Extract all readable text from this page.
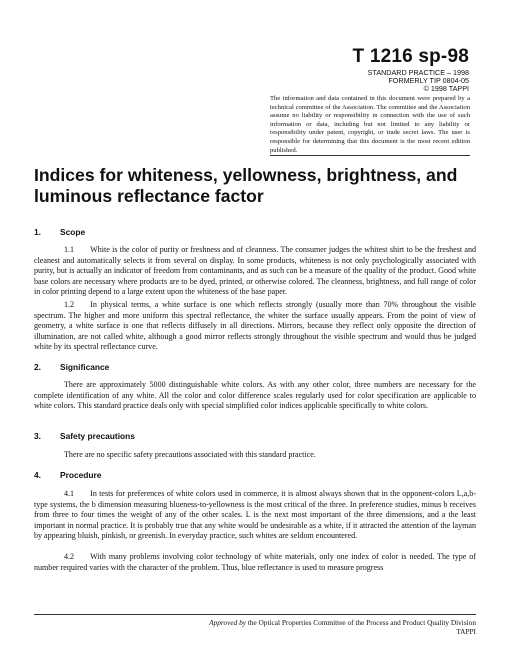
T 1216 sp-98
STANDARD PRACTICE – 1998
FORMERLY TIP 0804-05
© 1998 TAPPI
The information and data contained in this document were prepared by a technical committee of the Association. The committee and the Association assume no liability or responsibility in connection with the use of such information or data, including but not limited to any liability or responsibility under patent, copyright, or trade secret laws. The user is responsible for determining that this document is the most recent edition published.
Indices for whiteness, yellowness, brightness, and luminous reflectance factor
1. Scope

1.1  White is the color of purity or freshness and of cleanness. The consumer judges the whitest shirt to be the freshest and cleanest and automatically selects it from several on display. In some products, whiteness is not only psychologically associated with purity, but is actually an indicator of freedom from contaminants, and as such can be a measure of the quality of the product. Good white base colors are necessary where products are to be dyed, printed, or otherwise colored. The cleanness, brightness, and full range of color in color printing depend to a large extent upon the whiteness of the base paper.

1.2  In physical terms, a white surface is one which reflects strongly (usually more than 70% throughout the visible spectrum. The higher and more uniform this spectral reflectance, the whiter the surface usually appears. From the point of view of geometry, a white surface is one that reflects diffusely in all directions. Mirrors, because they reflect only opposite the direction of illumination, are not called white, although a good mirror reflects strongly throughout the visible spectrum and would thus be judged white by its spectral reflectance curve.

2. Significance

There are approximately 5000 distinguishable white colors. As with any other color, three numbers are necessary for the complete identification of any white. All the color and color difference scales regularly used for color specification are applicable to white colors. This standard practice deals only with special simplified color indices applicable specifically to white colors.

3. Safety precautions

There are no specific safety precautions associated with this standard practice.

4. Procedure

4.1  In tests for preferences of white colors used in commerce, it is almost always shown that in the opponent-colors L,a,b-type systems, the b dimension measuring blueness-to-yellowness is the most critical of the three. In preference studies, minus b receives from three to four times the weight of any of the other scales. L is the next most important of the three dimensions, and a the least important in normal practice. It is probably true that any white would be undesirable as a white, if it attracted the attention of the layman by appearing bluish, pinkish, or greenish. In everyday practice, such whites are seldom encountered.

4.2  With many problems involving color technology of white materials, only one index of color is needed. The type of number required varies with the character of the problem. Thus, blue reflectance is used to measure progress

Approved by the Optical Properties Committee of the Process and Product Quality Division
TAPPI
